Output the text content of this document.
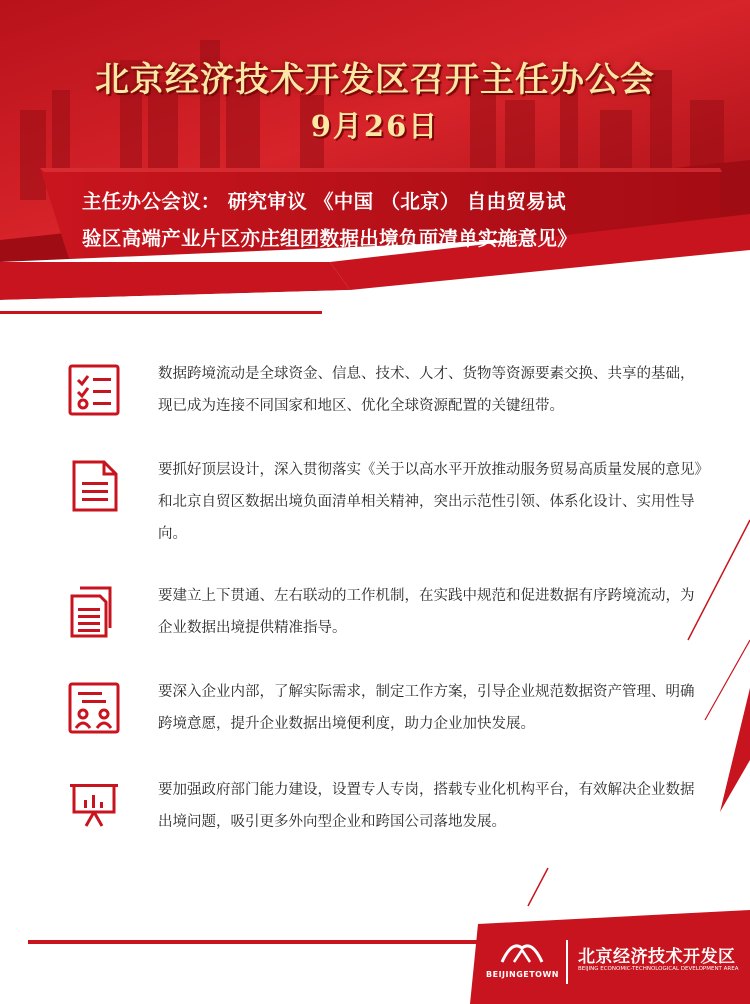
北京经济技术开发区召开主任办公会
9月26日
主任办公会议： 研究审议 《中国 （北京） 自由贸易试
验区高端产业片区亦庄组团数据出境负面清单实施意见》
数据跨境流动是全球资金、信息、技术、人才、货物等资源要素交换、共享的基础，现已成为连接不同国家和地区、优化全球资源配置的关键纽带。
要抓好顶层设计，深入贯彻落实《关于以高水平开放推动服务贸易高质量发展的意见》和北京自贸区数据出境负面清单相关精神，突出示范性引领、体系化设计、实用性导向。
要建立上下贯通、左右联动的工作机制，在实践中规范和促进数据有序跨境流动，为企业数据出境提供精准指导。
要深入企业内部，了解实际需求，制定工作方案，引导企业规范数据资产管理、明确跨境意愿，提升企业数据出境便利度，助力企业加快发展。
要加强政府部门能力建设，设置专人专岗，搭载专业化机构平台，有效解决企业数据出境问题，吸引更多外向型企业和跨国公司落地发展。
BEIJINGETOWN
北京经济技术开发区
BEIJING ECONOMIC-TECHNOLOGICAL DEVELOPMENT AREA
